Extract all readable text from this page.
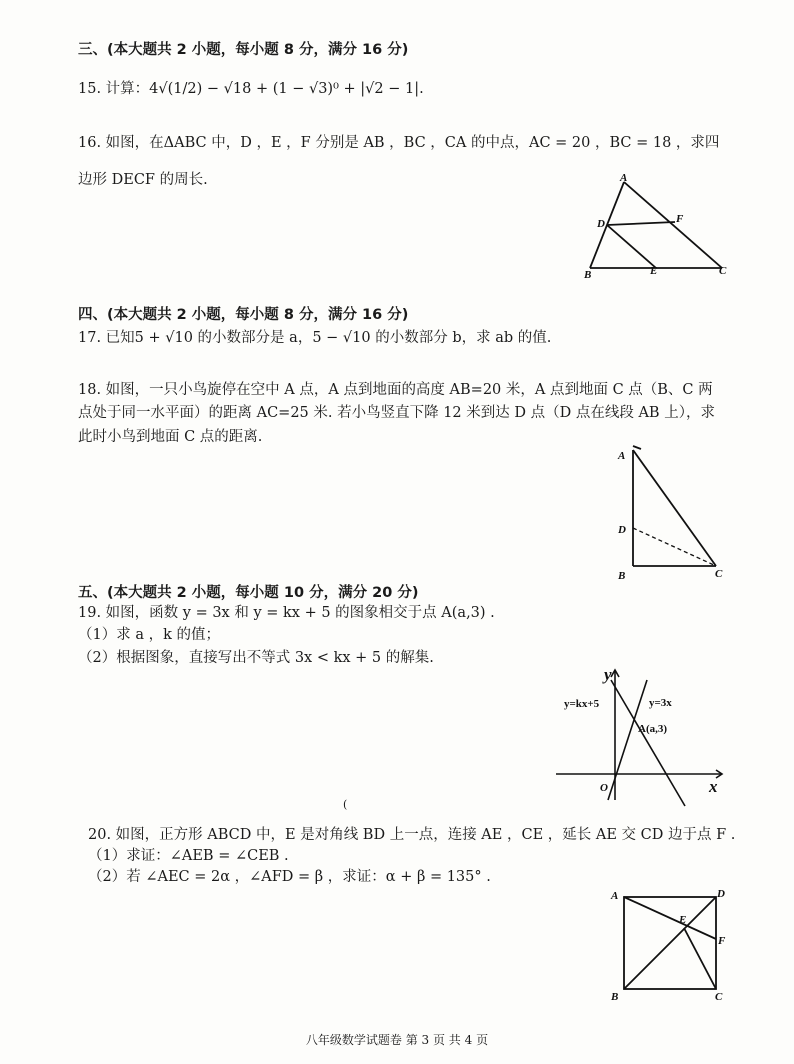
三、(本大题共 2 小题，每小题 8 分，满分 16 分)
15. 计算：4√(1/2) − √18 + (1 − √3)⁰ + |√2 − 1|.
16. 如图，在ΔABC 中，D ，E ，F 分别是 AB ，BC ，CA 的中点，AC = 20 ，BC = 18 ，求四
边形 DECF 的周长.	A
B	C
D
E
F
四、(本大题共 2 小题，每小题 8 分，满分 16 分)
17. 已知5 + √10 的小数部分是 a，5 − √10 的小数部分 b，求 ab 的值.
18. 如图，一只小鸟旋停在空中 A 点，A 点到地面的高度 AB=20 米，A 点到地面 C 点（B、C 两
点处于同一水平面）的距离 AC=25 米. 若小鸟竖直下降 12 米到达 D 点（D 点在线段 AB 上），求
此时小鸟到地面 C 点的距离.
A
B	C
D
五、(本大题共 2 小题，每小题 10 分，满分 20 分)
19. 如图，函数 y = 3x 和 y = kx + 5 的图象相交于点 A(a,3) .
（1）求 a ，k 的值；
（2）根据图象，直接写出不等式 3x < kx + 5 的解集.
y
x
O
y=kx+5	y=3x
A(a,3)
(
20. 如图，正方形 ABCD 中，E 是对角线 BD 上一点，连接 AE ，CE ，延长 AE 交 CD 边于点 F .
（1）求证：∠AEB = ∠CEB .
（2）若 ∠AEC = 2α ，∠AFD = β ，求证：α + β = 135° .
A
B	C
D
E
F
八年级数学试题卷 第 3 页 共 4 页
